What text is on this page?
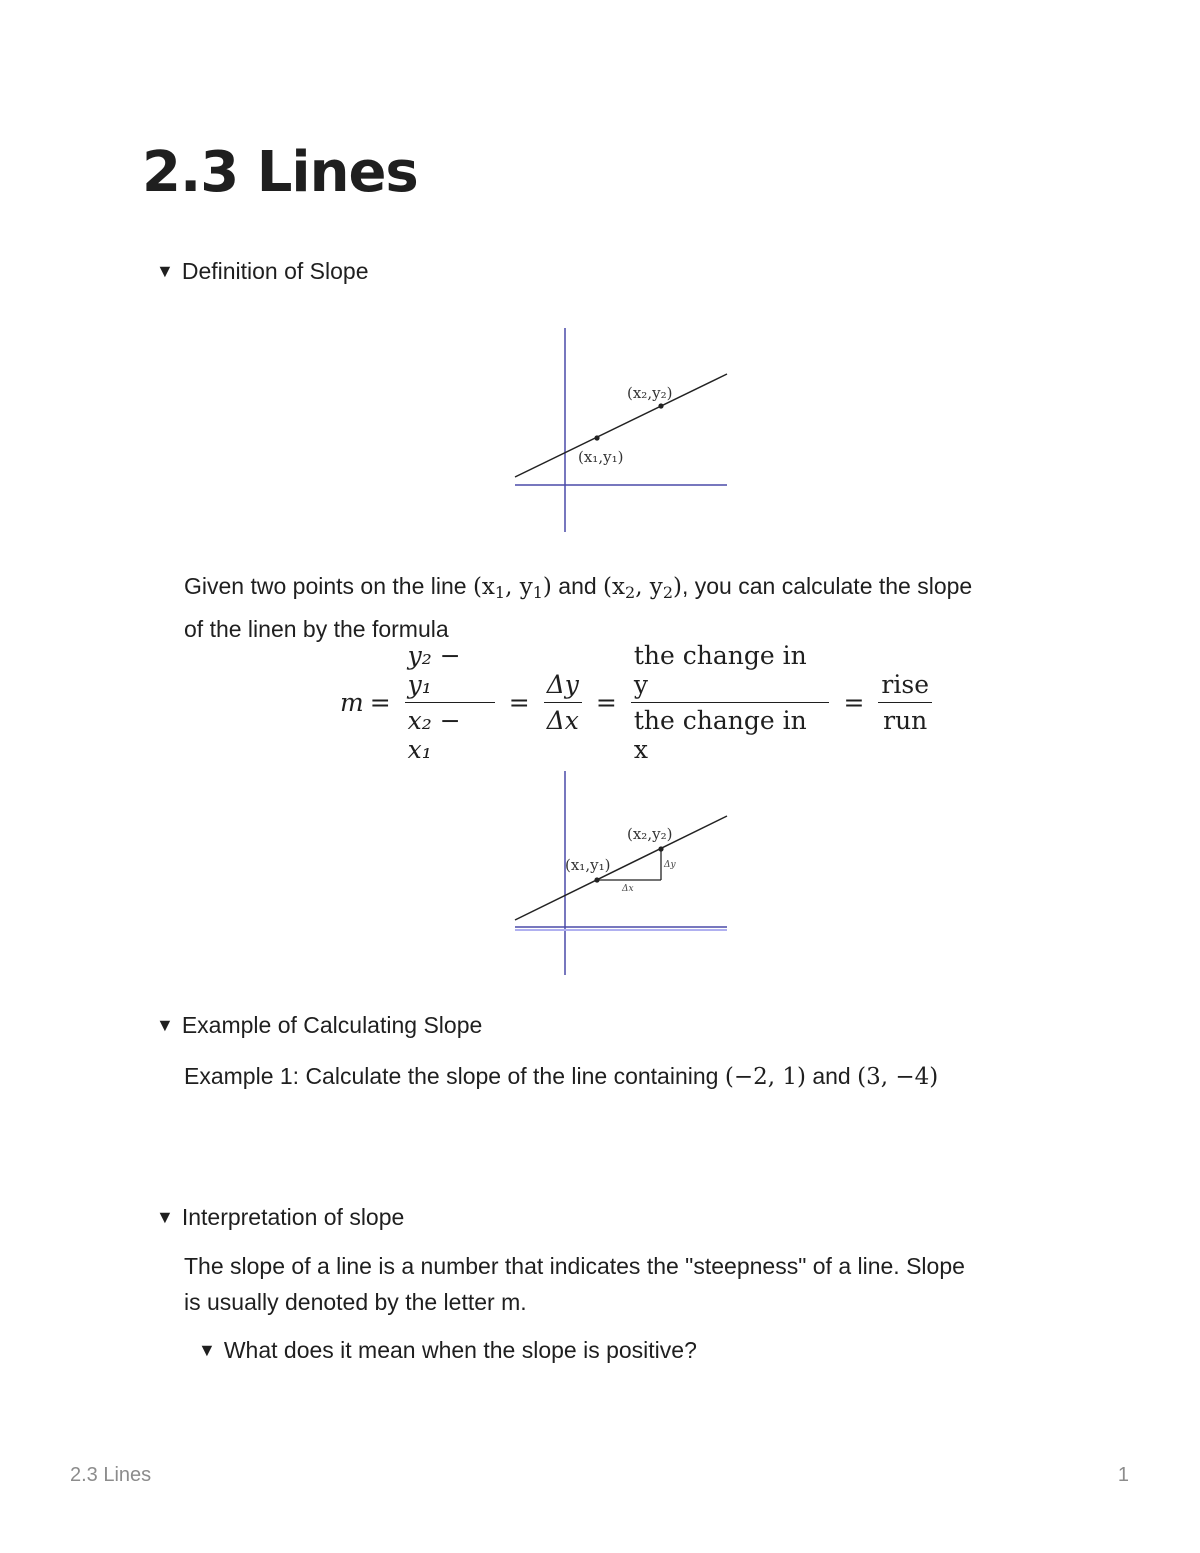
2.3 Lines
▼ Definition of Slope
(x₂,y₂)
(x₁,y₁)
Given two points on the line ($x_1$, $y_1$) and ($x_2$, $y_2$), you can calculate the slope
of the linen by the formula
$m = \frac{\text{y₂ − y₁}}{\text{x₂ − x₁}} = \frac{\Delta y}{\Delta x} = \frac{\text{the change in y}}{\text{the change in x}} = \frac{\text{rise}}{\text{run}}$
(x₂,y₂)
(x₁,y₁)	Δy
Δx
▼ Example of Calculating Slope
Example 1: Calculate the slope of the line containing (−2, 1) and (3, −4)
▼ Interpretation of slope
The slope of a line is a number that indicates the "steepness" of a line. Slope
is usually denoted by the letter m.
▼ What does it mean when the slope is positive?
2.3 Lines	1
